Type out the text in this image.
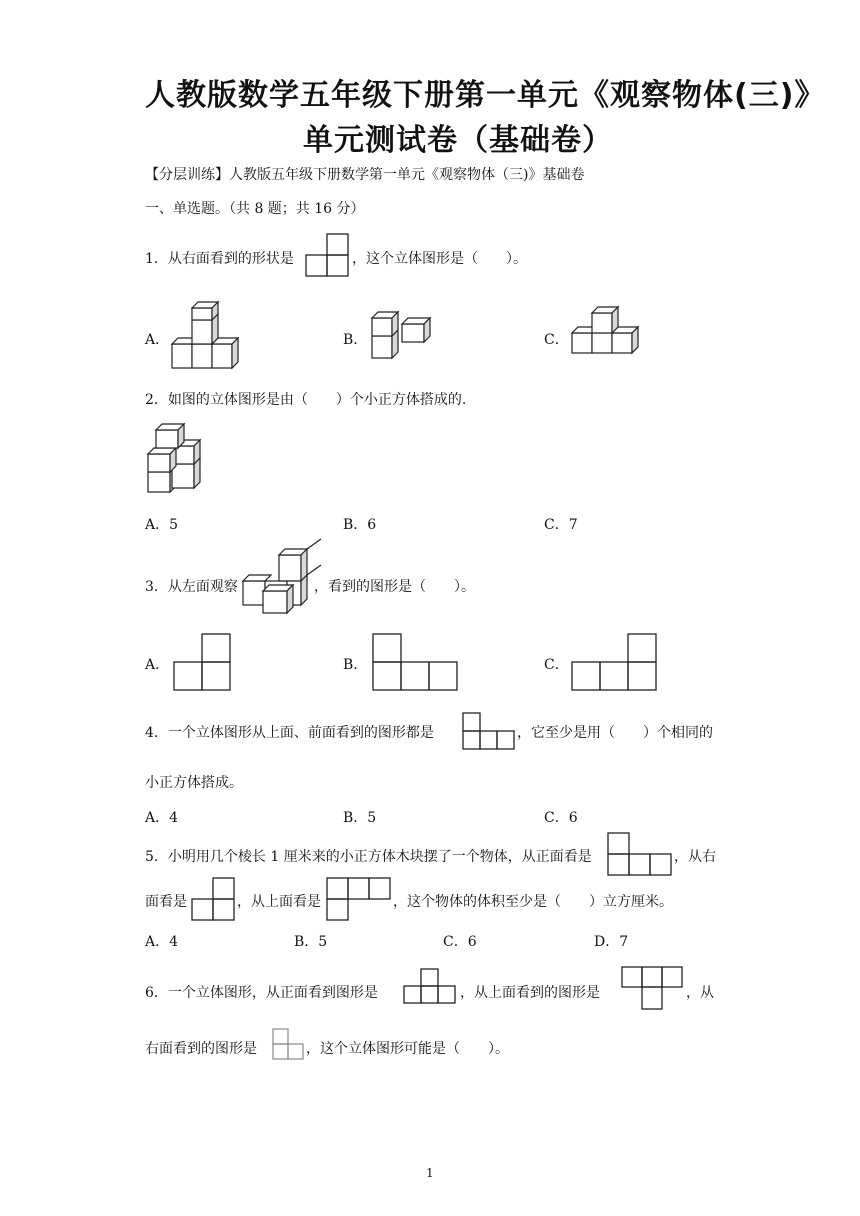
人教版数学五年级下册第一单元《观察物体(三)》
单元测试卷（基础卷）
【分层训练】人教版五年级下册数学第一单元《观察物体（三)》基础卷
一、单选题。（共 8 题；共 16 分）
1．从右面看到的形状是	，这个立体图形是（　　）。
A．	B．	C．
2．如图的立体图形是由（　　）个小正方体搭成的.
A．5	B．6	C．7
3．从左面观察	，看到的图形是（　　）。
A．	B．	C．
4．一个立体图形从上面、前面看到的图形都是	，它至少是用（　　）个相同的
小正方体搭成。
A．4	B．5	C．6
5．小明用几个棱长 1 厘米来的小正方体木块摆了一个物体，从正面看是	，从右
面看是	，从上面看是	，这个物体的体积至少是（　　）立方厘米。
A．4	B．5	C．6	D．7
6．一个立体图形，从正面看到图形是	，从上面看到的图形是	，从
右面看到的图形是	，这个立体图形可能是（　　）。
1
